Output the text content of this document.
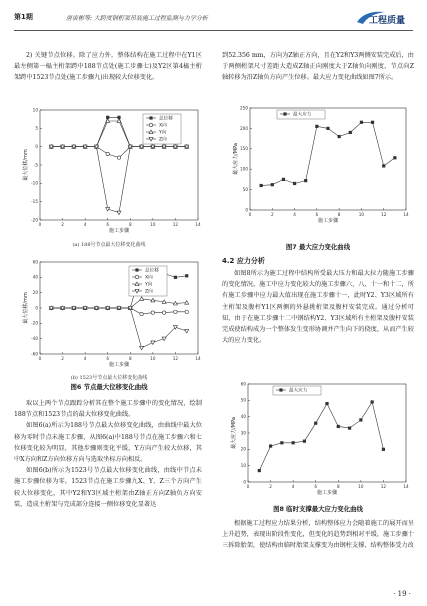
第1期	唐寅彬等: 大跨度钢桁架吊装施工过程监测与力学分析	工程质量

2) 关键节点位移。除了应力外，整体结构在施工过程中在Y1区最左侧第一榀主桁架跨中188节点处(施工步骤七)及Y2区第4榀主桁架跨中1523节点处(施工步骤九)出现较大位移变化。

0	2	4	6	8	10	12	14
-20
-15
-10
-5
0
5
10
施工步骤
最大位移/mm
总位移
X向
Y向
Z向
(a) 188号节点最大位移变化曲线
0	2	4	6	8	10	12	14
-60
-40
-20
0
20
40
60
施工步骤
最大位移/mm
总位移
X向
Y向
Z向
(b) 1523号节点最大位移变化曲线
图6 节点最大位移变化曲线

取以上两个节点跟踪分析其在整个施工步骤中的变化情况，绘制188节点和1523节点的最大位移变化曲线。

如图6(a)所示为188号节点最大位移变化曲线，由曲线中最大位移为零时节点未施工步骤，从图6(a)中188号节点在施工步骤六和七位移变化较为明显，其他步骤则变化平缓，Y方向产生较大位移，其中X方向和Z方向位移方向与选取坐标方向相反。

如图6(b)所示为1523号节点最大位移变化曲线，由线中节点未施工步骤位移为零，1523节点在施工步骤九X、Y、Z三个方向产生较大位移变化，其中Y2和Y3区域主桁架由Z轴正方向Z轴负方向安装，造成主桁架与完成部分连接一侧位移变化显著达

到52.356 mm，方向为Z轴正方向，且在Y2和Y3两侧安装完成后，由于两侧桁架尺寸差距大造成Z轴正向刚度大于Z轴负向刚度，节点向Z轴转移为沿Z轴负方向产生位移。最大应力变化曲线如图7所示。

0	2	4	6	8	10	12	14
0
50
100
150
200
250
施工步骤
最大应力/MPa
最大应力
图7 最大应力变化曲线
4.2 应力分析

如图8所示为施工过程中结构所受最大压力和最大拉力随施工步骤的变化情况。施工中应力变化较大的施工步骤六、八、十一和十二，所有施工步骤中应力最大值出现在施工步骤十一，此时Y2、Y3区域所有主桁架及腹杆Y1区两侧的外悬挑桁架及腹杆安装完成。通过分析可知，由于在施工步骤十二中钢结构Y2、Y3区域所有主桁架及腹杆安装完成使结构成为一个整体发生变形协调并产生向下的挠度，从而产生较大的应力变化。

0	2	4	6	8	10	12	14
0
10
20
30
40
50
60
施工步骤
最大应力/MPa
最大应力
图8 临时支撑最大应力变化曲线

根据施工过程应力结果分析，结构整体应力会随着施工的展开而呈上升趋势，表现出阶段性变化，但变化的趋势到相对平缓，施工步骤十三拆除胎架，使结构由临时胎架支撑变为由钢柱支撑，结构整体受力改

· 19 ·
